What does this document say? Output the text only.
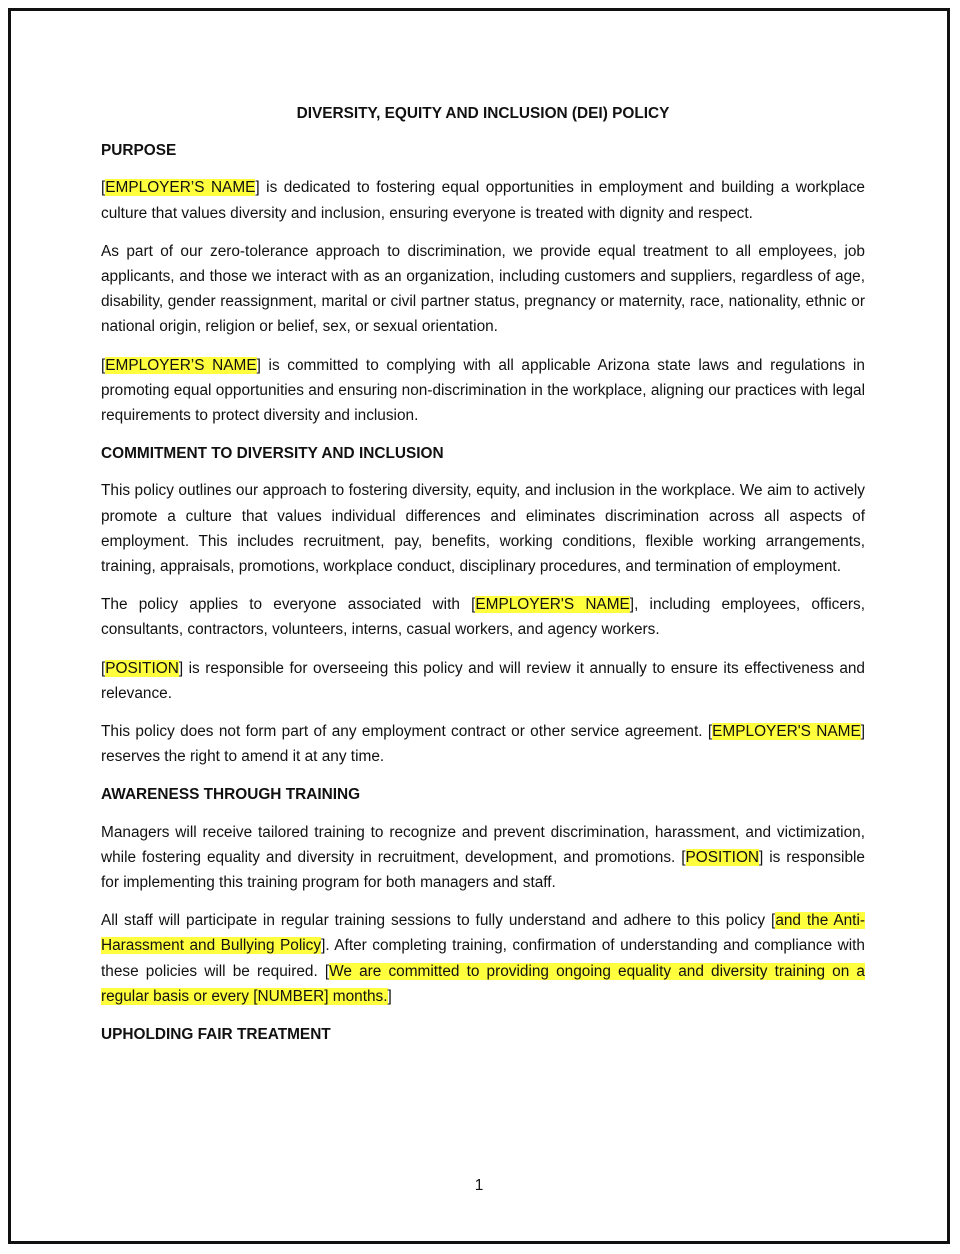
DIVERSITY, EQUITY AND INCLUSION (DEI) POLICY
PURPOSE

[EMPLOYER’S NAME] is dedicated to fostering equal opportunities in employment and building a workplace culture that values diversity and inclusion, ensuring everyone is treated with dignity and respect.

As part of our zero-tolerance approach to discrimination, we provide equal treatment to all employees, job applicants, and those we interact with as an organization, including customers and suppliers, regardless of age, disability, gender reassignment, marital or civil partner status, pregnancy or maternity, race, nationality, ethnic or national origin, religion or belief, sex, or sexual orientation.

[EMPLOYER’S NAME] is committed to complying with all applicable Arizona state laws and regulations in promoting equal opportunities and ensuring non-discrimination in the workplace, aligning our practices with legal requirements to protect diversity and inclusion.

COMMITMENT TO DIVERSITY AND INCLUSION

This policy outlines our approach to fostering diversity, equity, and inclusion in the workplace. We aim to actively promote a culture that values individual differences and eliminates discrimination across all aspects of employment. This includes recruitment, pay, benefits, working conditions, flexible working arrangements, training, appraisals, promotions, workplace conduct, disciplinary procedures, and termination of employment.

The policy applies to everyone associated with [EMPLOYER'S NAME], including employees, officers, consultants, contractors, volunteers, interns, casual workers, and agency workers.

[POSITION] is responsible for overseeing this policy and will review it annually to ensure its effectiveness and relevance.

This policy does not form part of any employment contract or other service agreement. [EMPLOYER'S NAME] reserves the right to amend it at any time.

AWARENESS THROUGH TRAINING

Managers will receive tailored training to recognize and prevent discrimination, harassment, and victimization, while fostering equality and diversity in recruitment, development, and promotions. [POSITION] is responsible for implementing this training program for both managers and staff.

All staff will participate in regular training sessions to fully understand and adhere to this policy [and the Anti-Harassment and Bullying Policy]. After completing training, confirmation of understanding and compliance with these policies will be required. [We are committed to providing ongoing equality and diversity training on a regular basis or every [NUMBER] months.]

UPHOLDING FAIR TREATMENT
1
